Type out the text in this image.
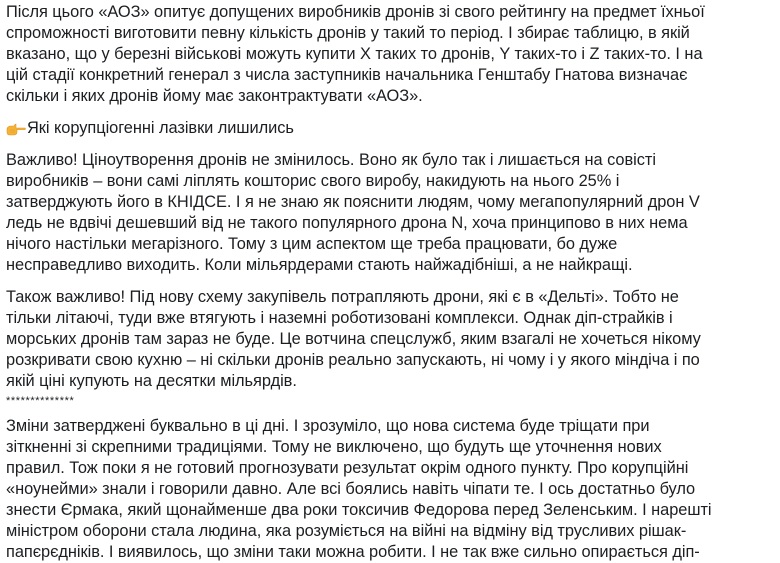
Після цього «АОЗ» опитує допущених виробників дронів зі свого рейтингу на предмет їхньої
спроможності виготовити певну кількість дронів у такий то період. І збирає таблицю, в якій
вказано, що у березні військові можуть купити X таких то дронів, Y таких-то і Z таких-то. І на
цій стадії конкретний генерал з числа заступників начальника Генштабу Гнатова визначає
скільки і яких дронів йому має законтрактувати «АОЗ».
Які корупціогенні лазівки лишились
Важливо! Ціноутворення дронів не змінилось. Воно як було так і лишається на совісті
виробників – вони самі ліплять кошторис свого виробу, накидують на нього 25% і
затверджують його в КНІДСЕ. І я не знаю як пояснити людям, чому мегапопулярний дрон V
ледь не вдвічі дешевший від не такого популярного дрона N, хоча принципово в них нема
нічого настільки мегарізного. Тому з цим аспектом ще треба працювати, бо дуже
несправедливо виходить. Коли мільярдерами стають найжадібніші, а не найкращі.
Також важливо! Під нову схему закупівель потрапляють дрони, які є в «Дельті». Тобто не
тільки літаючі, туди вже втягують і наземні роботизовані комплекси. Однак діп-страйків і
морських дронів там зараз не буде. Це вотчина спецслужб, яким взагалі не хочеться нікому
розкривати свою кухню – ні скільки дронів реально запускають, ні чому і у якого міндіча і по
якій ціні купують на десятки мільярдів.
**************
Зміни затверджені буквально в ці дні. І зрозуміло, що нова система буде тріщати при
зіткненні зі скрепними традиціями. Тому не виключено, що будуть ще уточнення нових
правил. Тож поки я не готовий прогнозувати результат окрім одного пункту. Про корупційні
«ноунейми» знали і говорили давно. Але всі боялись навіть чіпати те. І ось достатньо було
знести Єрмака, який щонайменше два роки токсичив Федорова перед Зеленським. І нарешті
міністром оборони стала людина, яка розуміється на війні на відміну від трусливих рішак-
папєрєдніків. І виявилось, що зміни таки можна робити. І не так вже сильно опирається діп-
